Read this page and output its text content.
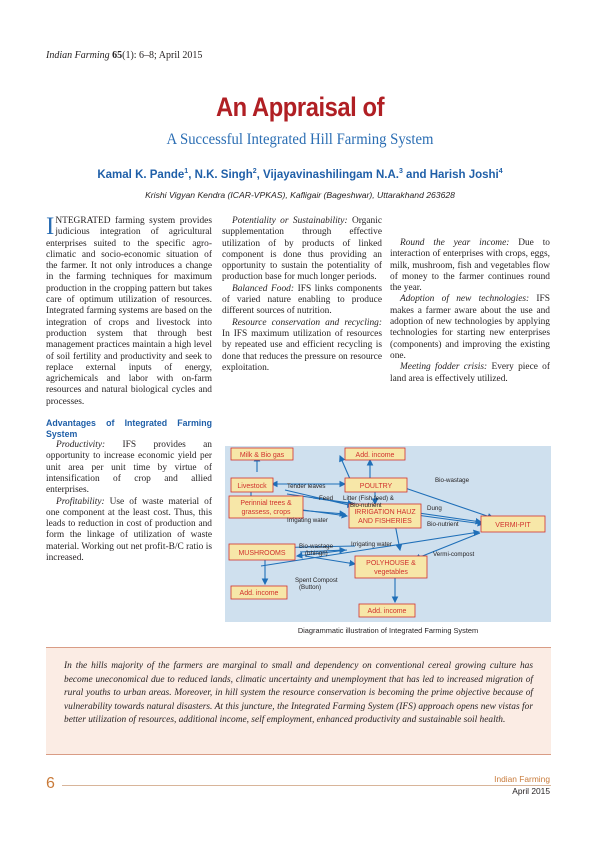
Indian Farming 65(1): 6–8; April 2015
An Appraisal of
A Successful Integrated Hill Farming System
Kamal K. Pande$^1$, N.K. Singh$^2$, Vijayavinashilingam N.A.$^3$ and Harish Joshi$^4$
Krishi Vigyan Kendra (ICAR-VPKAS), Kafligair (Bageshwar), Uttarakhand 263628

INTEGRATED farming system provides judicious integration of agricultural enterprises suited to the specific agro-climatic and socio-economic situation of the farmer. It not only introduces a change in the farming techniques for maximum production in the cropping pattern but takes care of optimum utilization of resources. Integrated farming systems are based on the integration of crops and livestock into production system that through best management practices maintain a high level of soil fertility and productivity and seek to replace external inputs of energy, agrichemicals and labor with on-farm resources and natural biological cycles and processes.

Advantages of Integrated Farming System

Productivity: IFS provides an opportunity to increase economic yield per unit area per unit time by virtue of intensification of crop and allied enterprises.

Profitability: Use of waste material of one component at the least cost. Thus, this leads to reduction in cost of production and form the linkage of utilization of waste material. Working out net profit-B/C ratio is increased.

Potentiality or Sustainability: Organic supplementation through effective utilization of by products of linked component is done thus providing an opportunity to sustain the potentiality of production base for much longer periods.

Balanced Food: IFS links components of varied nature enabling to produce different sources of nutrition.

Resource conservation and recycling: In IFS maximum utilization of resources by repeated use and efficient recycling is done that reduces the pressure on resource exploitation.

Round the year income: Due to interaction of enterprises with crops, eggs, milk, mushroom, fish and vegetables flow of money to the farmer continues round the year.

Adoption of new technologies: IFS makes a farmer aware about the use and adoption of new technologies by applying technologies for starting new enterprises (components) and improving the existing one.

Meeting fodder crisis: Every piece of land area is effectively utilized.

Milk & Bio gas	Add. income
Livestock	POULTRY
Perinnial trees &
grassess, crops	IRRIGATION HAUZ
AND FISHERIES
VERMI-PIT
MUSHROOMS
POLYHOUSE &
vegetables
Add. income
Add. income
Tender leaves
Bio-wastage
Litter (Fish feed) &
Bio-nutrient
Feed
Dung
Irrigating water
Bio-nutrient
Irrigating water
Bio-wastage
(bhingri)	Vermi-compost
Spent Compost
(Button)
Diagrammatic illustration of Integrated Farming System
In the hills majority of the farmers are marginal to small and dependency on conventional cereal growing culture has become uneconomical due to reduced lands, climatic uncertainty and unemployment that has led to increased migration of rural youths to urban areas. Moreover, in hill system the resource conservation is becoming the prime objective because of vulnerability towards natural disasters. At this juncture, the Integrated Farming System (IFS) approach opens new vistas for better utilization of resources, additional income, self employment, enhanced productivity and sustainable soil health.
6	Indian Farming
April 2015
